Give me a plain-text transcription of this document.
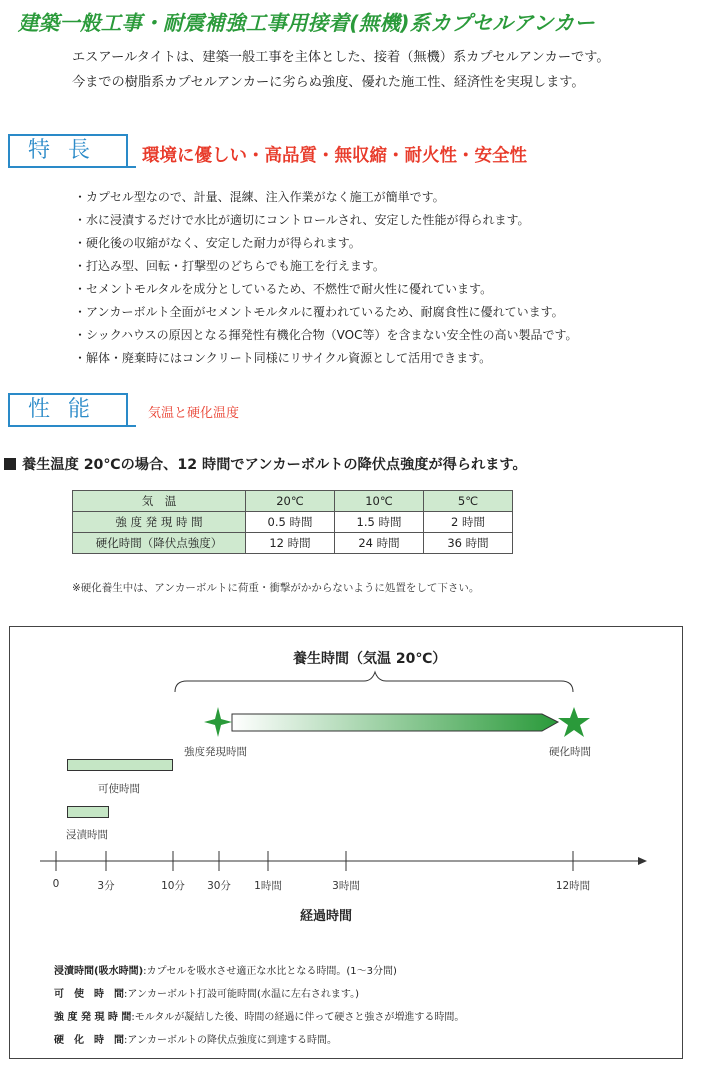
建築一般工事・耐震補強工事用接着(無機)系カプセルアンカー
エスアールタイトは、建築一般工事を主体とした、接着（無機）系カプセルアンカーです。
今までの樹脂系カプセルアンカーに劣らぬ強度、優れた施工性、経済性を実現します。
特長	環境に優しい・高品質・無収縮・耐火性・安全性
・カプセル型なので、計量、混練、注入作業がなく施工が簡単です。
・水に浸漬するだけで水比が適切にコントロールされ、安定した性能が得られます。
・硬化後の収縮がなく、安定した耐力が得られます。
・打込み型、回転・打撃型のどちらでも施工を行えます。
・セメントモルタルを成分としているため、不燃性で耐火性に優れています。
・アンカーボルト全面がセメントモルタルに覆われているため、耐腐食性に優れています。
・シックハウスの原因となる揮発性有機化合物（VOC等）を含まない安全性の高い製品です。
・解体・廃棄時にはコンクリート同様にリサイクル資源として活用できます。
性能	気温と硬化温度
養生温度 20℃の場合、12 時間でアンカーボルトの降伏点強度が得られます。
気　温	20℃	10℃	5℃
強 度 発 現 時 間	0.5 時間	1.5 時間	2 時間
硬化時間（降伏点強度）	12 時間	24 時間	36 時間
※硬化養生中は、アンカーボルトに荷重・衝撃がかからないように処置をして下さい。
養生時間（気温 20℃）
強度発現時間	硬化時間
可使時間
浸漬時間
0	3分	10分 30分 1時間	3時間	12時間
経過時間
浸漬時間(吸水時間):カプセルを吸水させ適正な水比となる時間。(1～3分間)
可　使　時　間:アンカーボルト打設可能時間(水温に左右されます。)
強 度 発 現 時 間:モルタルが凝結した後、時間の経過に伴って硬さと強さが増進する時間。
硬　化　時　間:アンカーボルトの降伏点強度に到達する時間。
